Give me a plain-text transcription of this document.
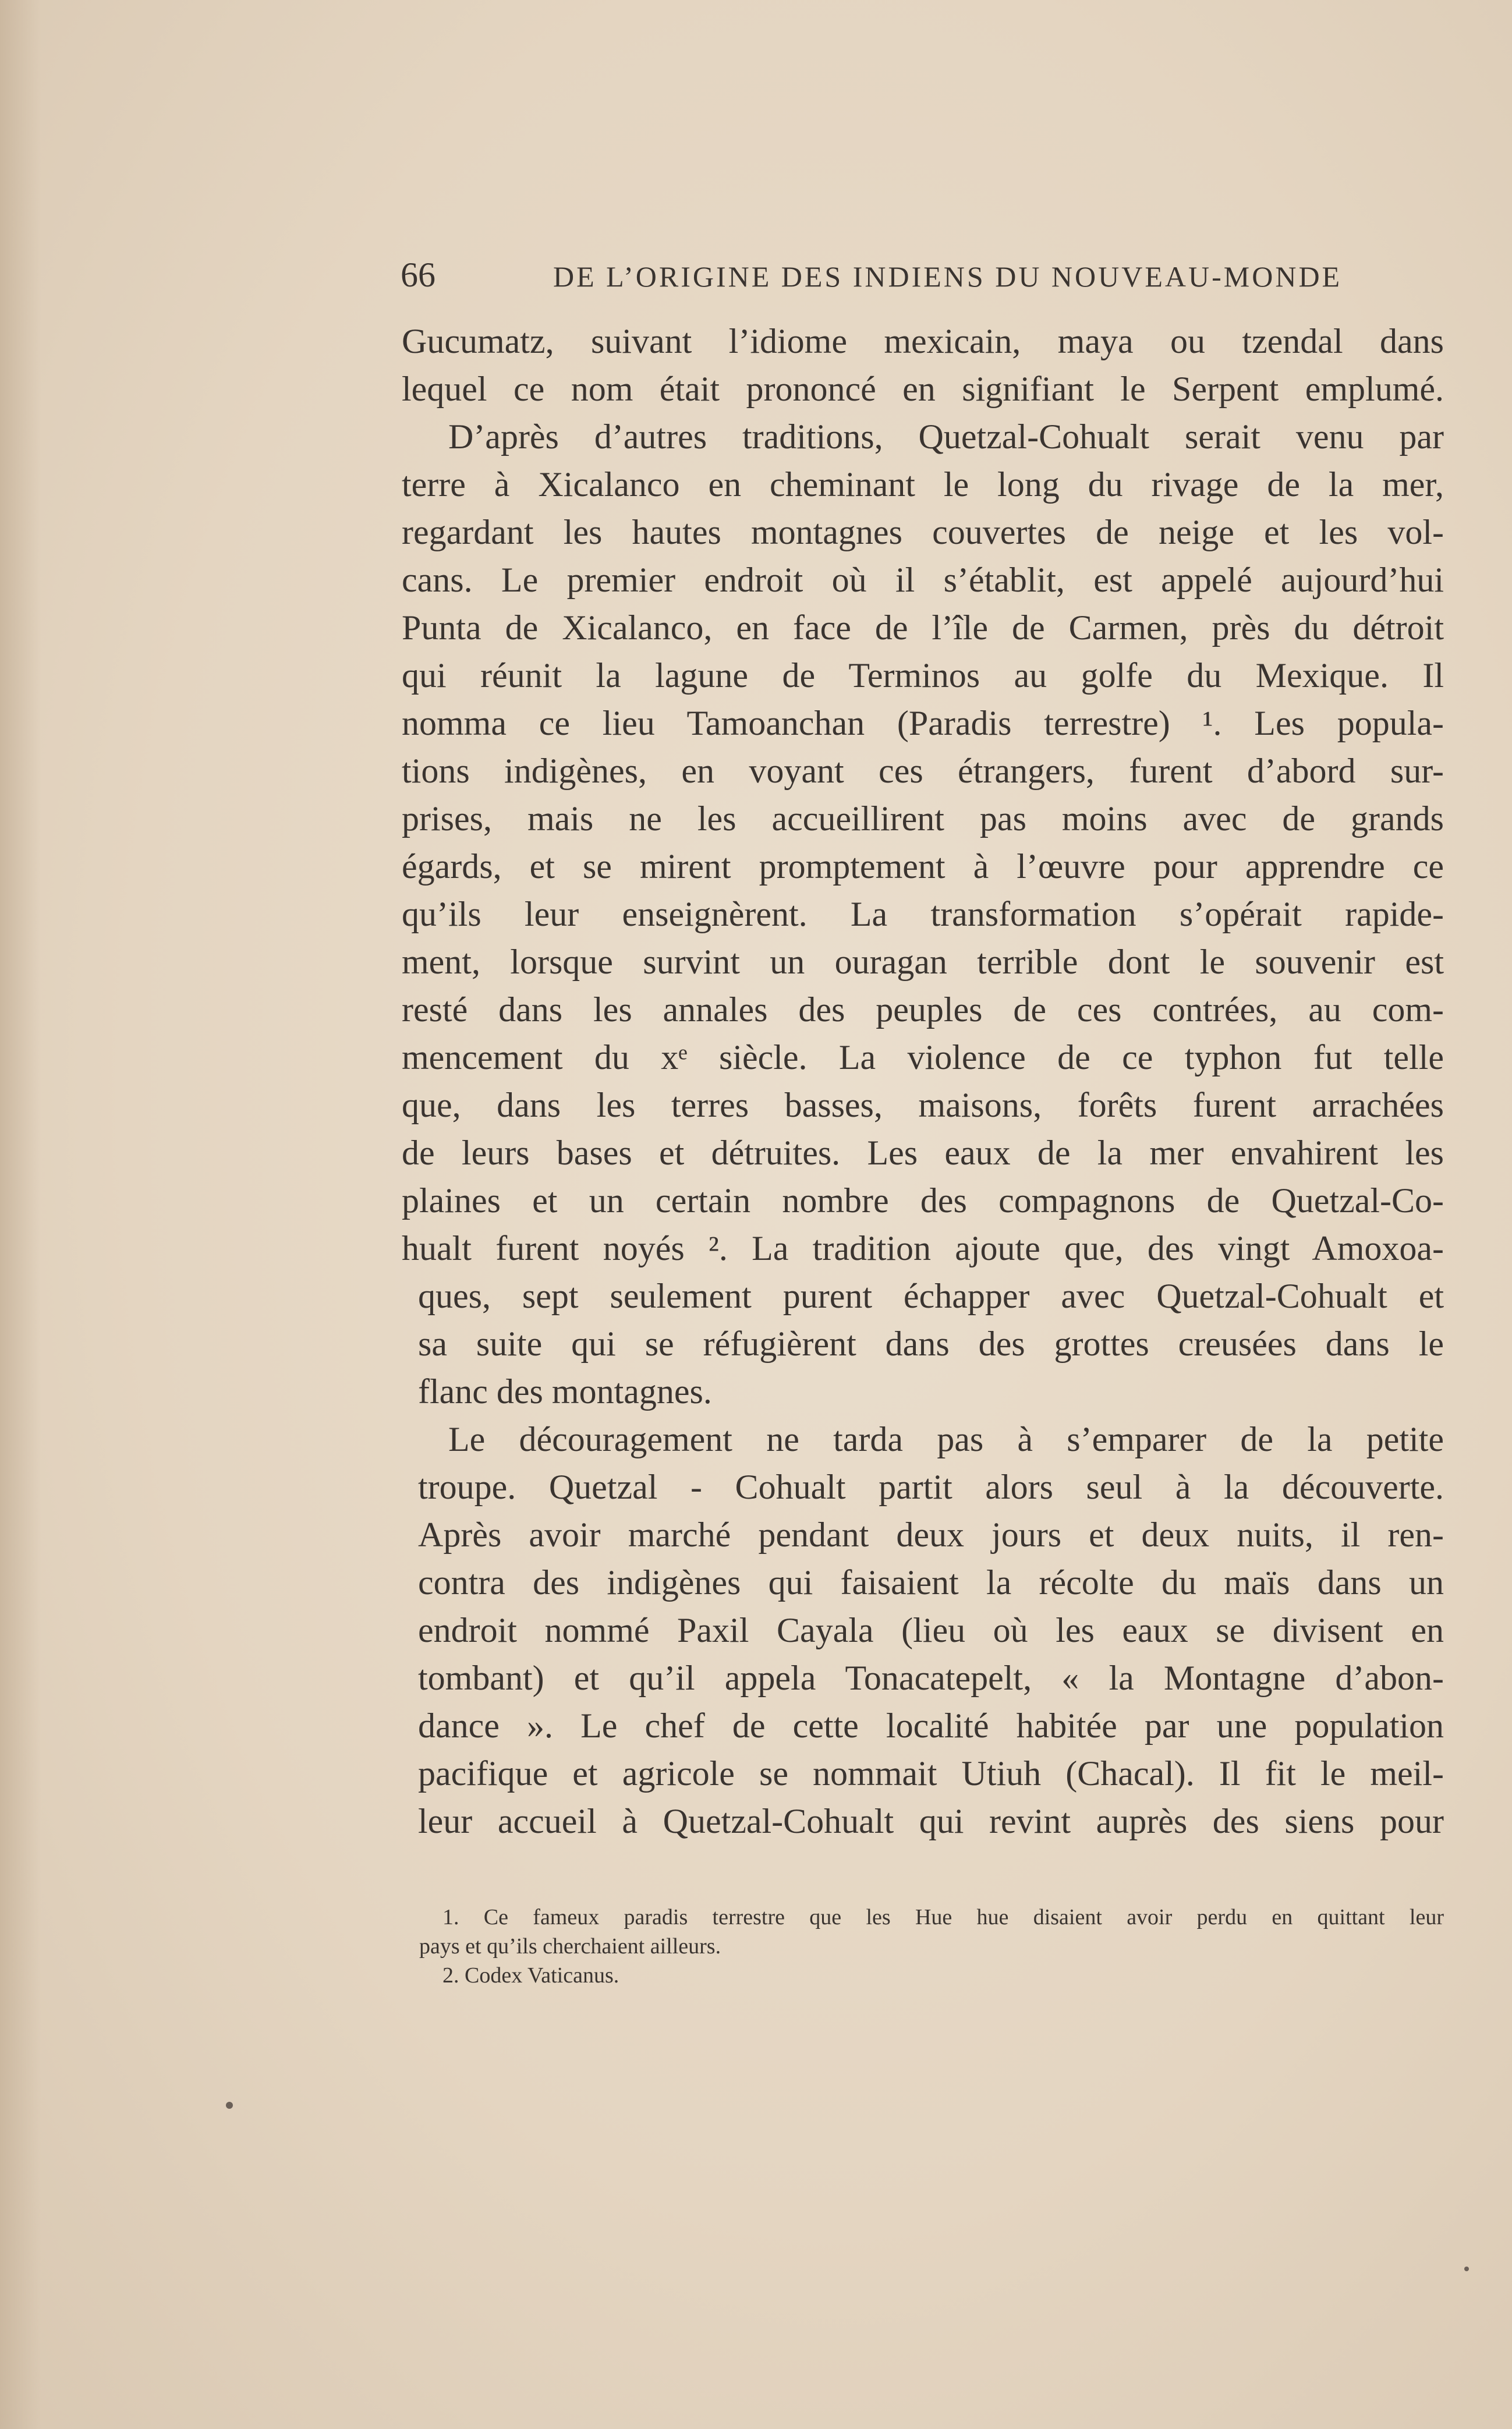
66	DE L’ORIGINE DES INDIENS DU NOUVEAU-MONDE
Gucumatz, suivant l’idiome mexicain, maya ou tzendal dans
lequel ce nom était prononcé en signifiant le Serpent emplumé.
D’après d’autres traditions, Quetzal-Cohualt serait venu par
terre à Xicalanco en cheminant le long du rivage de la mer,
regardant les hautes montagnes couvertes de neige et les vol-
cans. Le premier endroit où il s’établit, est appelé aujourd’hui
Punta de Xicalanco, en face de l’île de Carmen, près du détroit
qui réunit la lagune de Terminos au golfe du Mexique. Il
nomma ce lieu Tamoanchan (Paradis terrestre) ¹. Les popula-
tions indigènes, en voyant ces étrangers, furent d’abord sur-
prises, mais ne les accueillirent pas moins avec de grands
égards, et se mirent promptement à l’œuvre pour apprendre ce
qu’ils leur enseignèrent. La transformation s’opérait rapide-
ment, lorsque survint un ouragan terrible dont le souvenir est
resté dans les annales des peuples de ces contrées, au com-
mencement du xᵉ siècle. La violence de ce typhon fut telle
que, dans les terres basses, maisons, forêts furent arrachées
de leurs bases et détruites. Les eaux de la mer envahirent les
plaines et un certain nombre des compagnons de Quetzal-Co-
hualt furent noyés ². La tradition ajoute que, des vingt Amoxoa-
ques, sept seulement purent échapper avec Quetzal-Cohualt et
sa suite qui se réfugièrent dans des grottes creusées dans le
flanc des montagnes.
Le découragement ne tarda pas à s’emparer de la petite
troupe. Quetzal - Cohualt partit alors seul à la découverte.
Après avoir marché pendant deux jours et deux nuits, il ren-
contra des indigènes qui faisaient la récolte du maïs dans un
endroit nommé Paxil Cayala (lieu où les eaux se divisent en
tombant) et qu’il appela Tonacatepelt, « la Montagne d’abon-
dance ». Le chef de cette localité habitée par une population
pacifique et agricole se nommait Utiuh (Chacal). Il fit le meil-
leur accueil à Quetzal-Cohualt qui revint auprès des siens pour
1. Ce fameux paradis terrestre que les Hue hue disaient avoir perdu en quittant leur
pays et qu’ils cherchaient ailleurs.
2. Codex Vaticanus.
